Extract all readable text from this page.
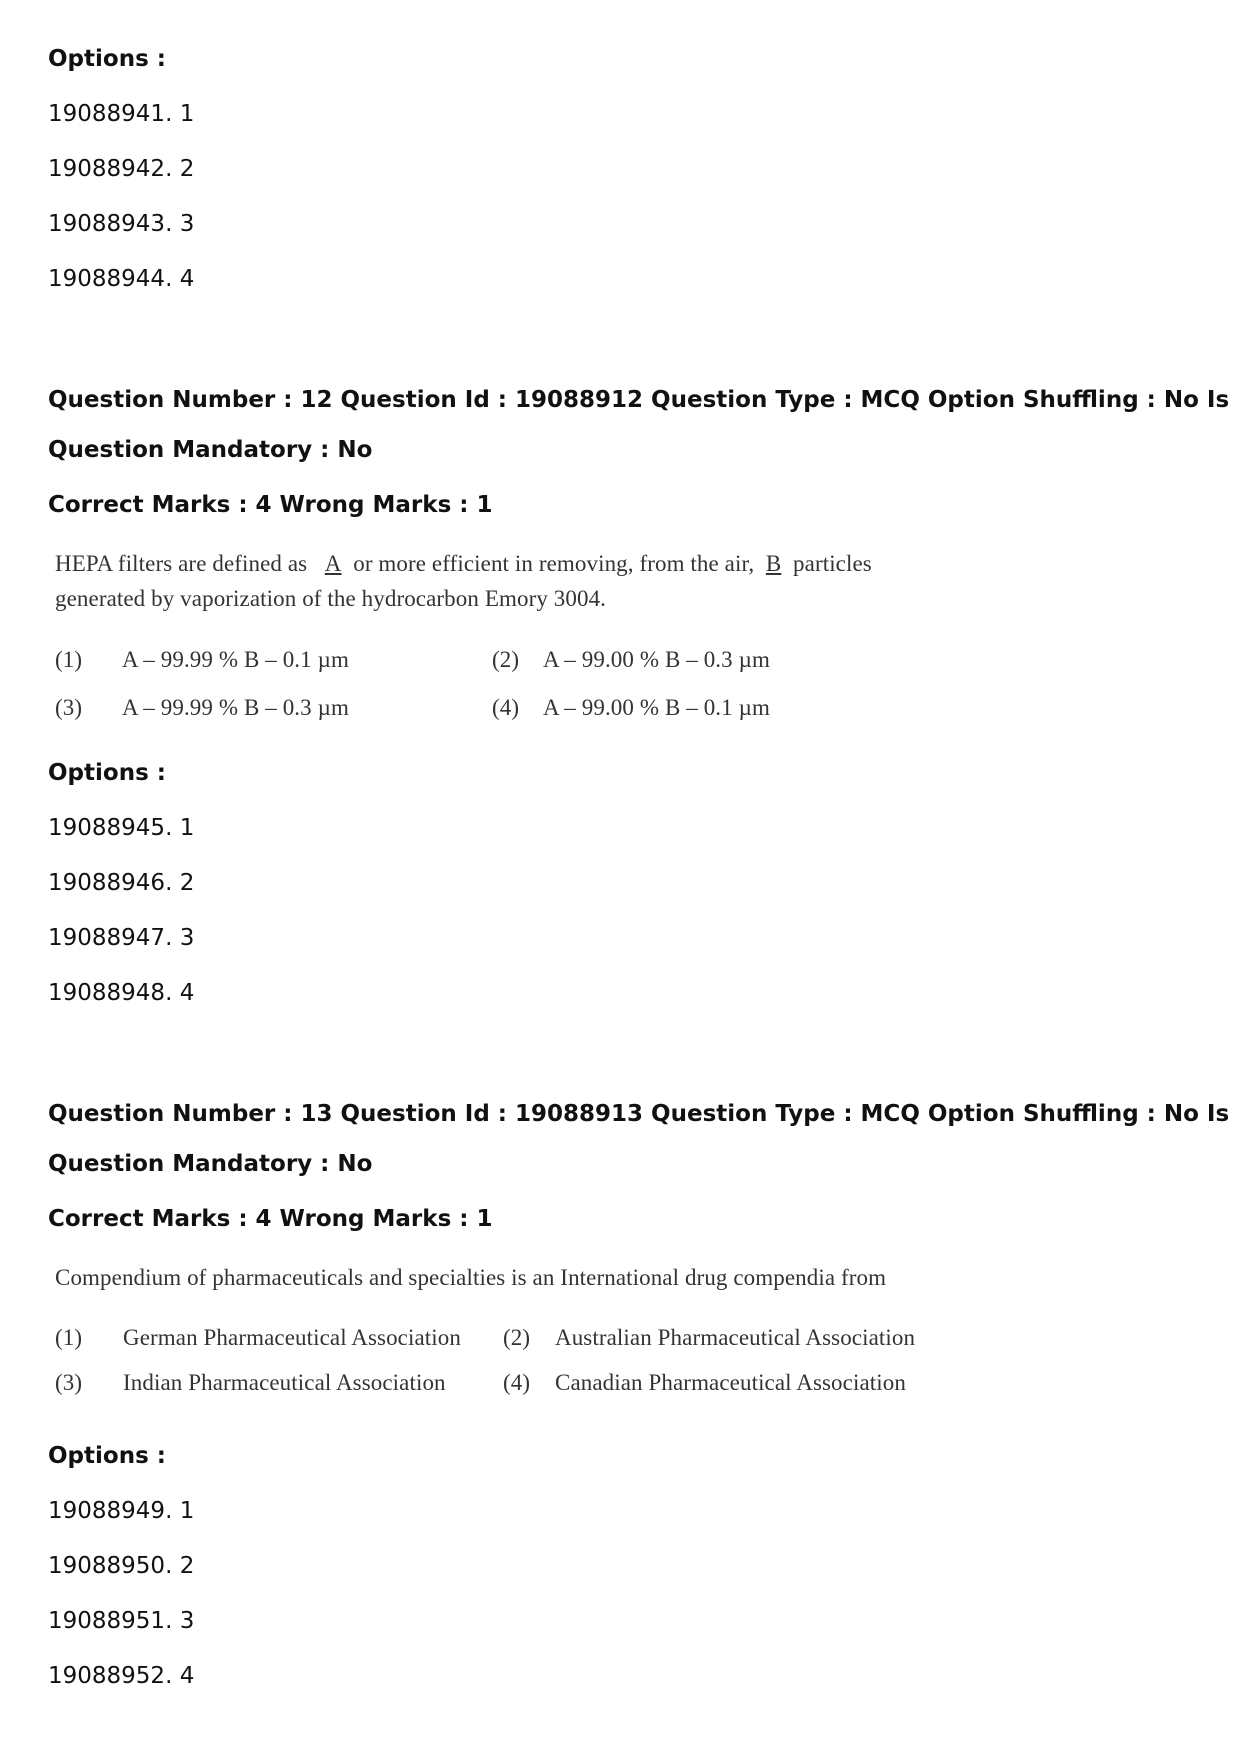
Options :
19088941. 1
19088942. 2
19088943. 3
19088944. 4
Question Number : 12 Question Id : 19088912 Question Type : MCQ Option Shuffling : No Is
Question Mandatory : No
Correct Marks : 4 Wrong Marks : 1
HEPA filters are defined as A or more efficient in removing, from the air, B particles
generated by vaporization of the hydrocarbon Emory 3004.
(1) A – 99.99 % B – 0.1 µm	(2) A – 99.00 % B – 0.3 µm
(3) A – 99.99 % B – 0.3 µm	(4) A – 99.00 % B – 0.1 µm
Options :
19088945. 1
19088946. 2
19088947. 3
19088948. 4
Question Number : 13 Question Id : 19088913 Question Type : MCQ Option Shuffling : No Is
Question Mandatory : No
Correct Marks : 4 Wrong Marks : 1
Compendium of pharmaceuticals and specialties is an International drug compendia from
(1) German Pharmaceutical Association (2) Australian Pharmaceutical Association
(3) Indian Pharmaceutical Association (4) Canadian Pharmaceutical Association
Options :
19088949. 1
19088950. 2
19088951. 3
19088952. 4
